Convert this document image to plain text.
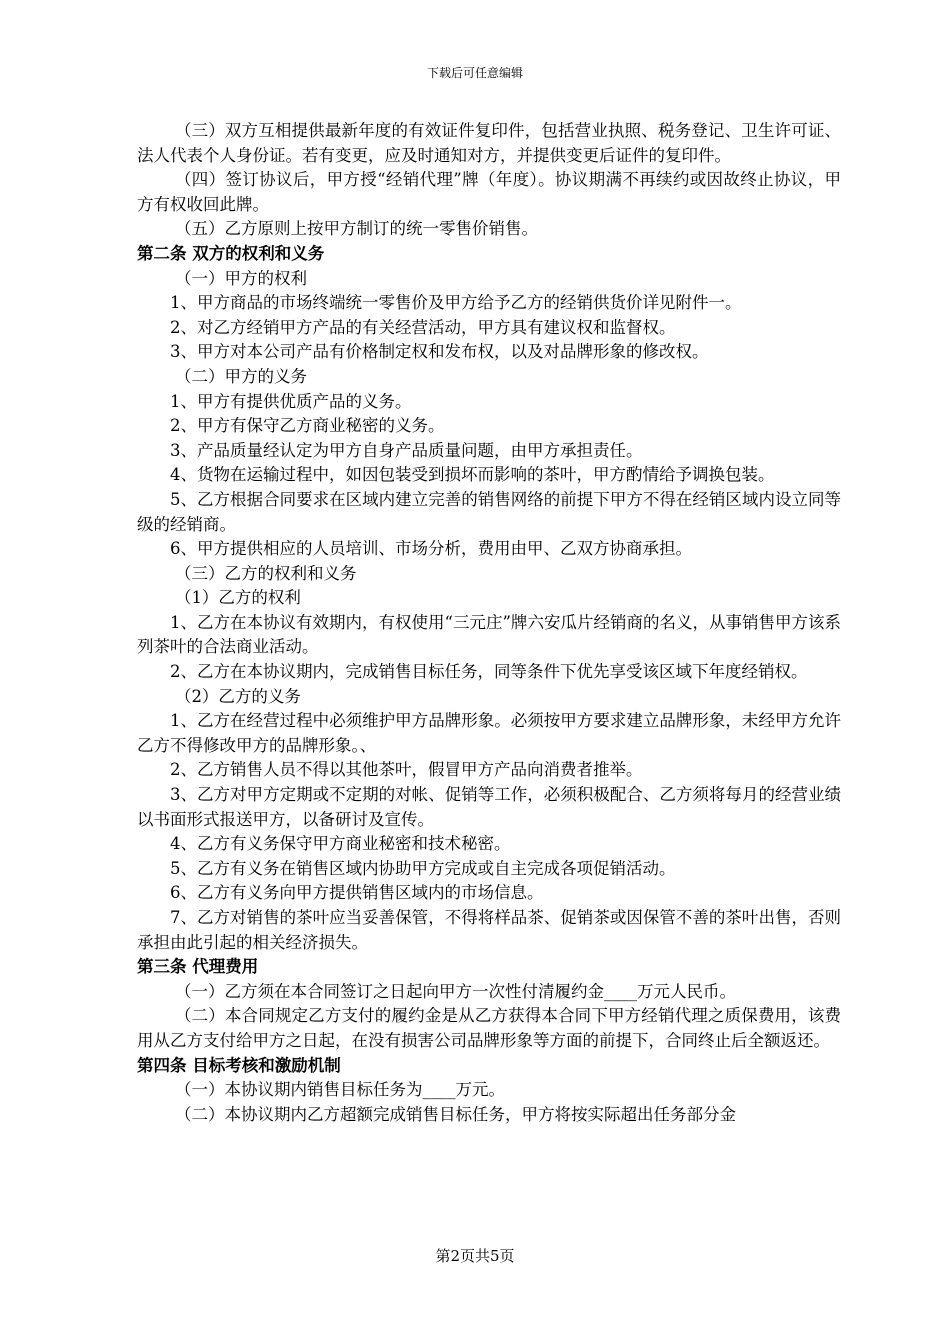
下载后可任意编辑

（三）双方互相提供最新年度的有效证件复印件，包括营业执照、税务登记、卫生许可证、法人代表个人身份证。若有变更，应及时通知对方，并提供变更后证件的复印件。

（四）签订协议后，甲方授“经销代理”牌（年度）。协议期满不再续约或因故终止协议，甲方有权收回此牌。

（五）乙方原则上按甲方制订的统一零售价销售。

第二条 双方的权利和义务

（一）甲方的权利

1、甲方商品的市场终端统一零售价及甲方给予乙方的经销供货价详见附件一。

2、对乙方经销甲方产品的有关经营活动，甲方具有建议权和监督权。

3、甲方对本公司产品有价格制定权和发布权，以及对品牌形象的修改权。

（二）甲方的义务

1、甲方有提供优质产品的义务。

2、甲方有保守乙方商业秘密的义务。

3、产品质量经认定为甲方自身产品质量问题，由甲方承担责任。

4、货物在运输过程中，如因包装受到损坏而影响的茶叶，甲方酌情给予调换包装。

5、乙方根据合同要求在区域内建立完善的销售网络的前提下甲方不得在经销区域内设立同等级的经销商。

6、甲方提供相应的人员培训、市场分析，费用由甲、乙双方协商承担。

（三）乙方的权利和义务

（1）乙方的权利

1、乙方在本协议有效期内，有权使用“三元庄”牌六安瓜片经销商的名义，从事销售甲方该系列茶叶的合法商业活动。

2、乙方在本协议期内，完成销售目标任务，同等条件下优先享受该区域下年度经销权。

（2）乙方的义务

1、乙方在经营过程中必须维护甲方品牌形象。必须按甲方要求建立品牌形象，未经甲方允许乙方不得修改甲方的品牌形象。、

2、乙方销售人员不得以其他茶叶，假冒甲方产品向消费者推举。

3、乙方对甲方定期或不定期的对帐、促销等工作，必须积极配合、乙方须将每月的经营业绩以书面形式报送甲方，以备研讨及宣传。

4、乙方有义务保守甲方商业秘密和技术秘密。

5、乙方有义务在销售区域内协助甲方完成或自主完成各项促销活动。

6、乙方有义务向甲方提供销售区域内的市场信息。

7、乙方对销售的茶叶应当妥善保管，不得将样品茶、促销茶或因保管不善的茶叶出售，否则承担由此引起的相关经济损失。

第三条 代理费用

（一）乙方须在本合同签订之日起向甲方一次性付清履约金____万元人民币。

（二）本合同规定乙方支付的履约金是从乙方获得本合同下甲方经销代理之质保费用，该费用从乙方支付给甲方之日起，在没有损害公司品牌形象等方面的前提下，合同终止后全额返还。

第四条 目标考核和激励机制

（一）本协议期内销售目标任务为____万元。

（二）本协议期内乙方超额完成销售目标任务，甲方将按实际超出任务部分金

第2页共5页
